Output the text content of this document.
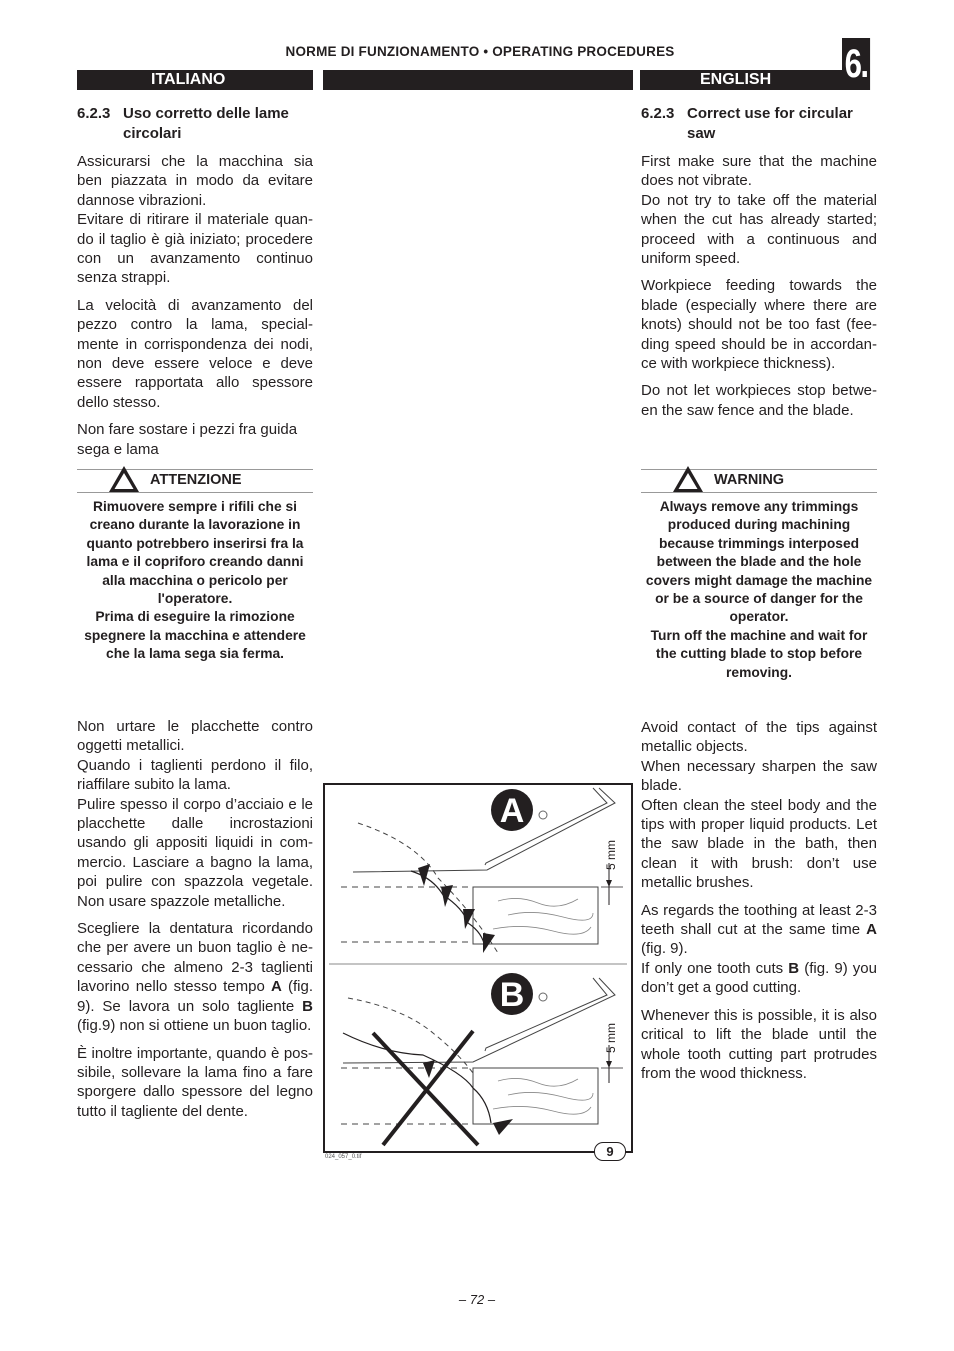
NORME DI FUNZIONAMENTO • OPERATING PROCEDURES	6.
ITALIANO	ENGLISH
6.2.3 Uso corretto delle lame circolari

Assicurarsi che la macchina sia ben piazzata in modo da evitare dannose vibrazioni.

Evitare di ritirare il materiale quan-do il taglio è già iniziato; procedere con un avanzamento continuo senza strappi.

La velocità di avanzamento del pezzo contro la lama, special-mente in corrispondenza dei nodi, non deve essere veloce e deve essere rapportata allo spessore dello stesso.

Non fare sostare i pezzi fra guida sega e lama

ATTENZIONE
Rimuovere sempre i rifili che si creano durante la lavorazione in quanto potrebbero inserirsi fra la lama e il copriforo creando danni alla macchina o pericolo per l'operatore.
Prima di eseguire la rimozione spegnere la macchina e attendere che la lama sega sia ferma.

Non urtare le placchette contro oggetti metallici.

Quando i taglienti perdono il filo, riaffilare subito la lama.

Pulire spesso il corpo d’acciaio e le placchette dalle incrostazioni usando gli appositi liquidi in com-mercio. Lasciare a bagno la lama, poi pulire con spazzola vegetale. Non usare spazzole metalliche.

Scegliere la dentatura ricordando che per avere un buon taglio è ne-cessario che almeno 2-3 taglienti lavorino nello stesso tempo A (fig. 9). Se lavora un solo tagliente B (fig.9) non si ottiene un buon taglio.

È inoltre importante, quando è pos-sibile, sollevare la lama fino a fare sporgere dallo spessore del legno tutto il tagliente del dente.

6.2.3 Correct use for circular saw

First make sure that the machine does not vibrate.

Do not try to take off the material when the cut has already started; proceed with a continuous and uniform speed.

Workpiece feeding towards the blade (especially where there are knots) should not be too fast (fee-ding speed should be in accordan-ce with workpiece thickness).

Do not let workpieces stop betwe-en the saw fence and the blade.

WARNING
Always remove any trimmings produced during machining because trimmings interposed between the blade and the hole covers might damage the machine or be a source of danger for the operator.
Turn off the machine and wait for the cutting blade to stop before removing.

Avoid contact of the tips against metallic objects.

When necessary sharpen the saw blade.

Often clean the steel body and the tips with proper liquid products. Let the saw blade in the bath, then clean it with brush: don’t use metallic brushes.

As regards the toothing at least 2-3 teeth shall cut at the same time A (fig. 9).

If only one tooth cuts B (fig. 9) you don’t get a good cutting.

Whenever this is possible, it is also critical to lift the blade until the whole tooth cutting part protrudes from the wood thickness.

A
5 mm
B
5 mm
024_057_0.tif	9
– 72 –
